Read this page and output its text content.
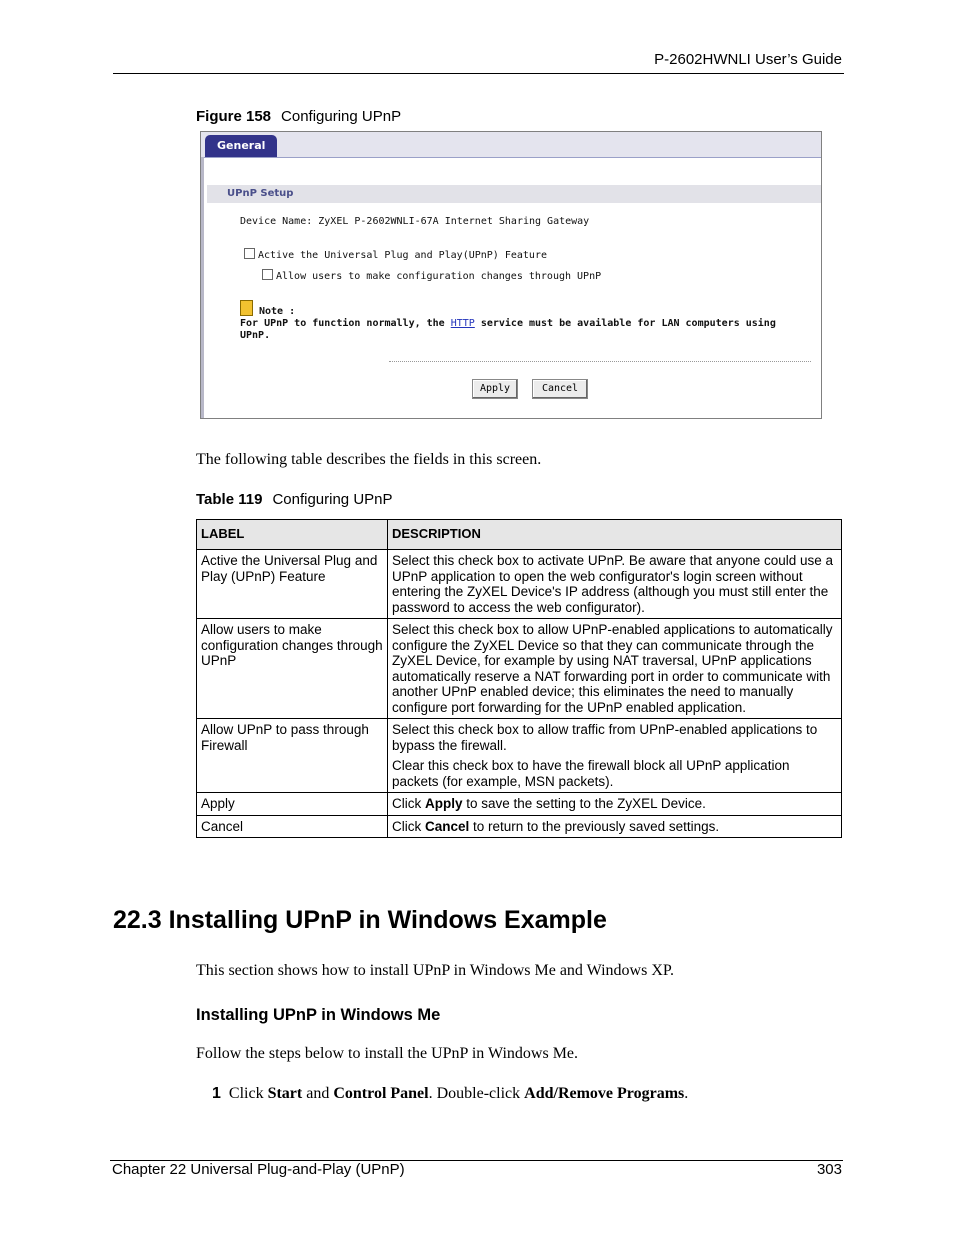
P-2602HWNLI User’s Guide
Figure 158 Configuring UPnP
General
UPnP Setup
Device Name: ZyXEL P-2602WNLI-67A Internet Sharing Gateway
Active the Universal Plug and Play(UPnP) Feature
Allow users to make configuration changes through UPnP
Note :
For UPnP to function normally, the HTTP service must be available for LAN computers using
UPnP.
Apply	Cancel
The following table describes the fields in this screen.
Table 119 Configuring UPnP
LABEL	DESCRIPTION
Active the Universal Plug and Play (UPnP) Feature	Select this check box to activate UPnP. Be aware that anyone could use a UPnP application to open the web configurator's login screen without entering the ZyXEL Device's IP address (although you must still enter the password to access the web configurator).
Allow users to make configuration changes through UPnP	Select this check box to allow UPnP-enabled applications to automatically configure the ZyXEL Device so that they can communicate through the ZyXEL Device, for example by using NAT traversal, UPnP applications automatically reserve a NAT forwarding port in order to communicate with another UPnP enabled device; this eliminates the need to manually configure port forwarding for the UPnP enabled application.
Allow UPnP to pass through Firewall	Select this check box to allow traffic from UPnP-enabled applications to bypass the firewall.

Clear this check box to have the firewall block all UPnP application packets (for example, MSN packets).

Apply	Click Apply to save the setting to the ZyXEL Device.
Cancel	Click Cancel to return to the previously saved settings.
22.3 Installing UPnP in Windows Example
This section shows how to install UPnP in Windows Me and Windows XP.
Installing UPnP in Windows Me
Follow the steps below to install the UPnP in Windows Me.
1 Click Start and Control Panel. Double-click Add/Remove Programs.
Chapter 22 Universal Plug-and-Play (UPnP)	303
